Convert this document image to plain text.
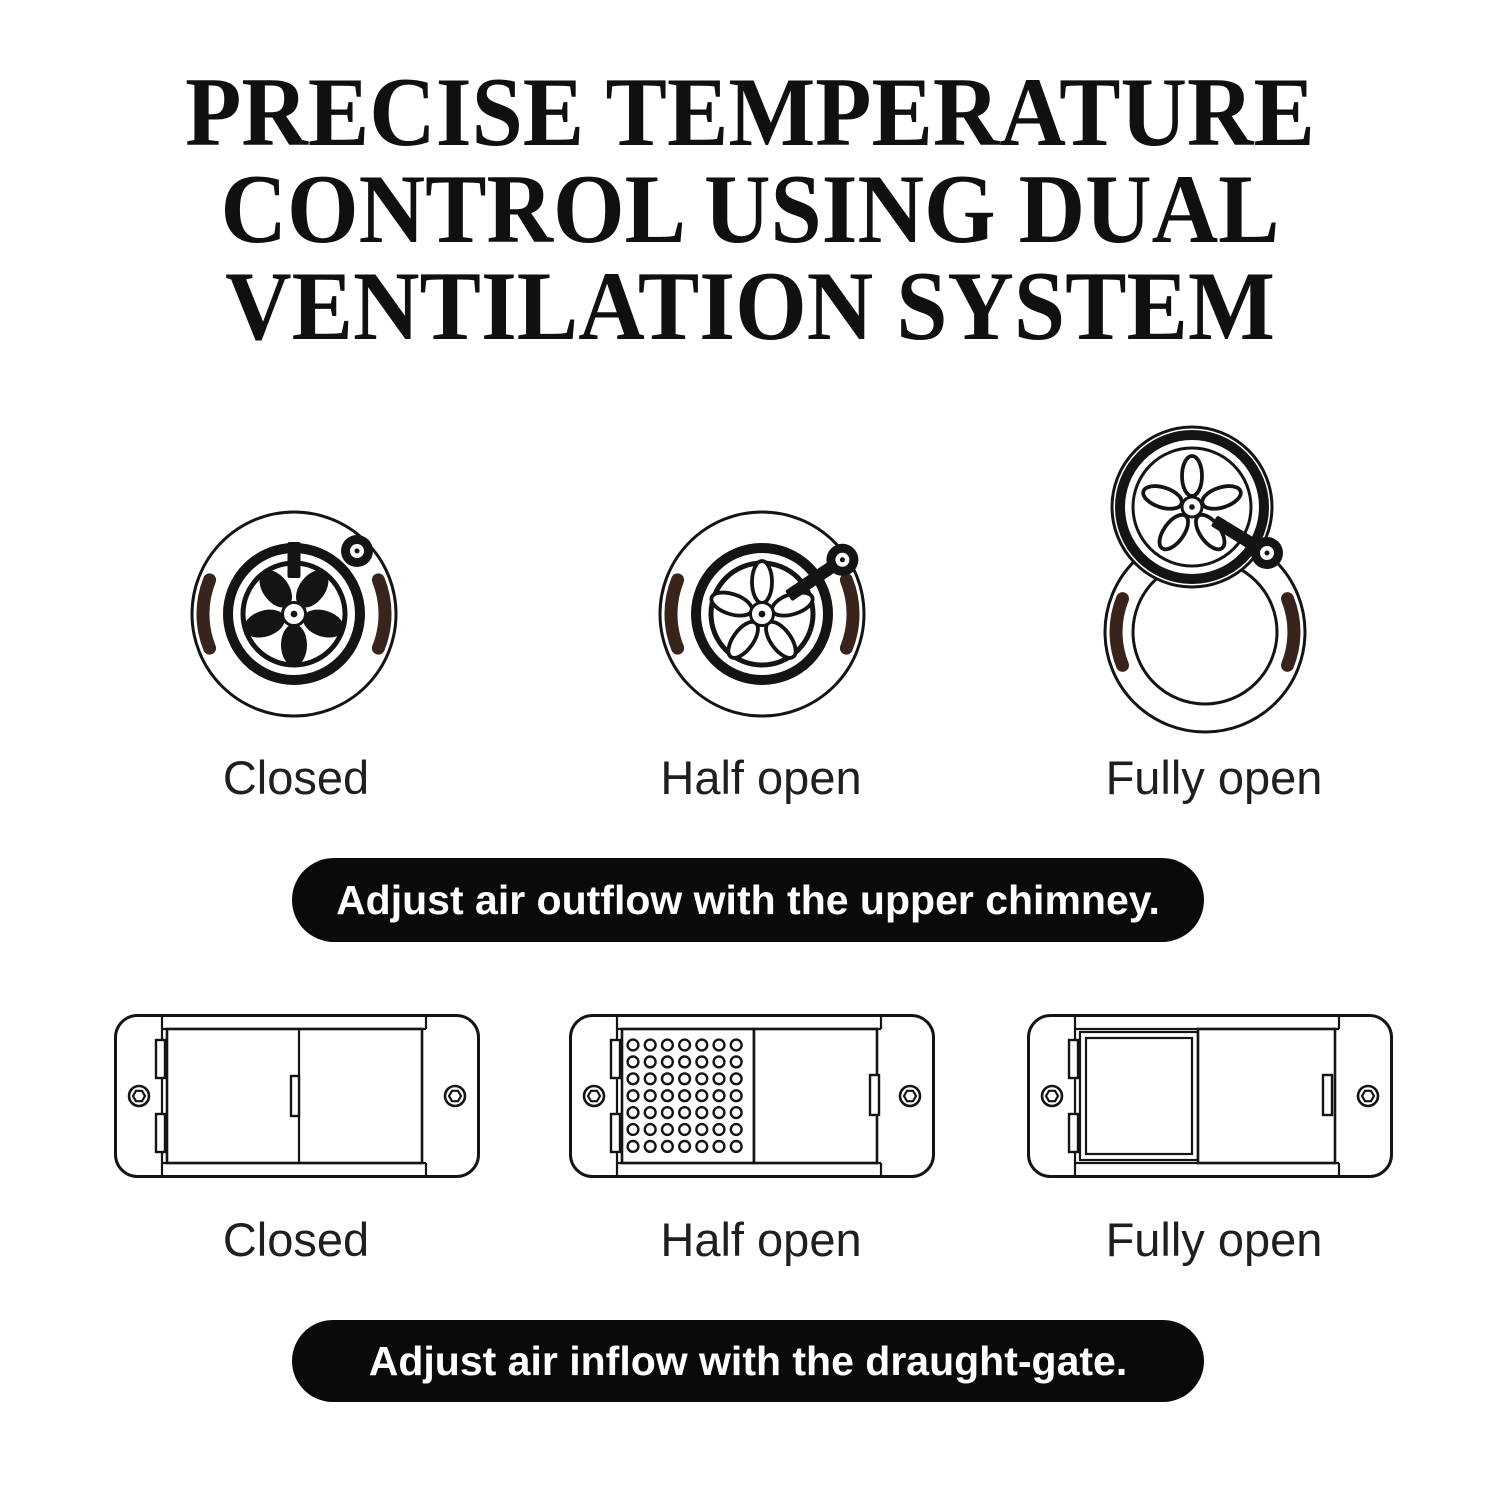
PRECISE TEMPERATURE
CONTROL USING DUAL
VENTILATION SYSTEM
Closed	Half open	Fully open
Adjust air outflow with the upper chimney.
Closed	Half open	Fully open
Adjust air inflow with the draught-gate.
